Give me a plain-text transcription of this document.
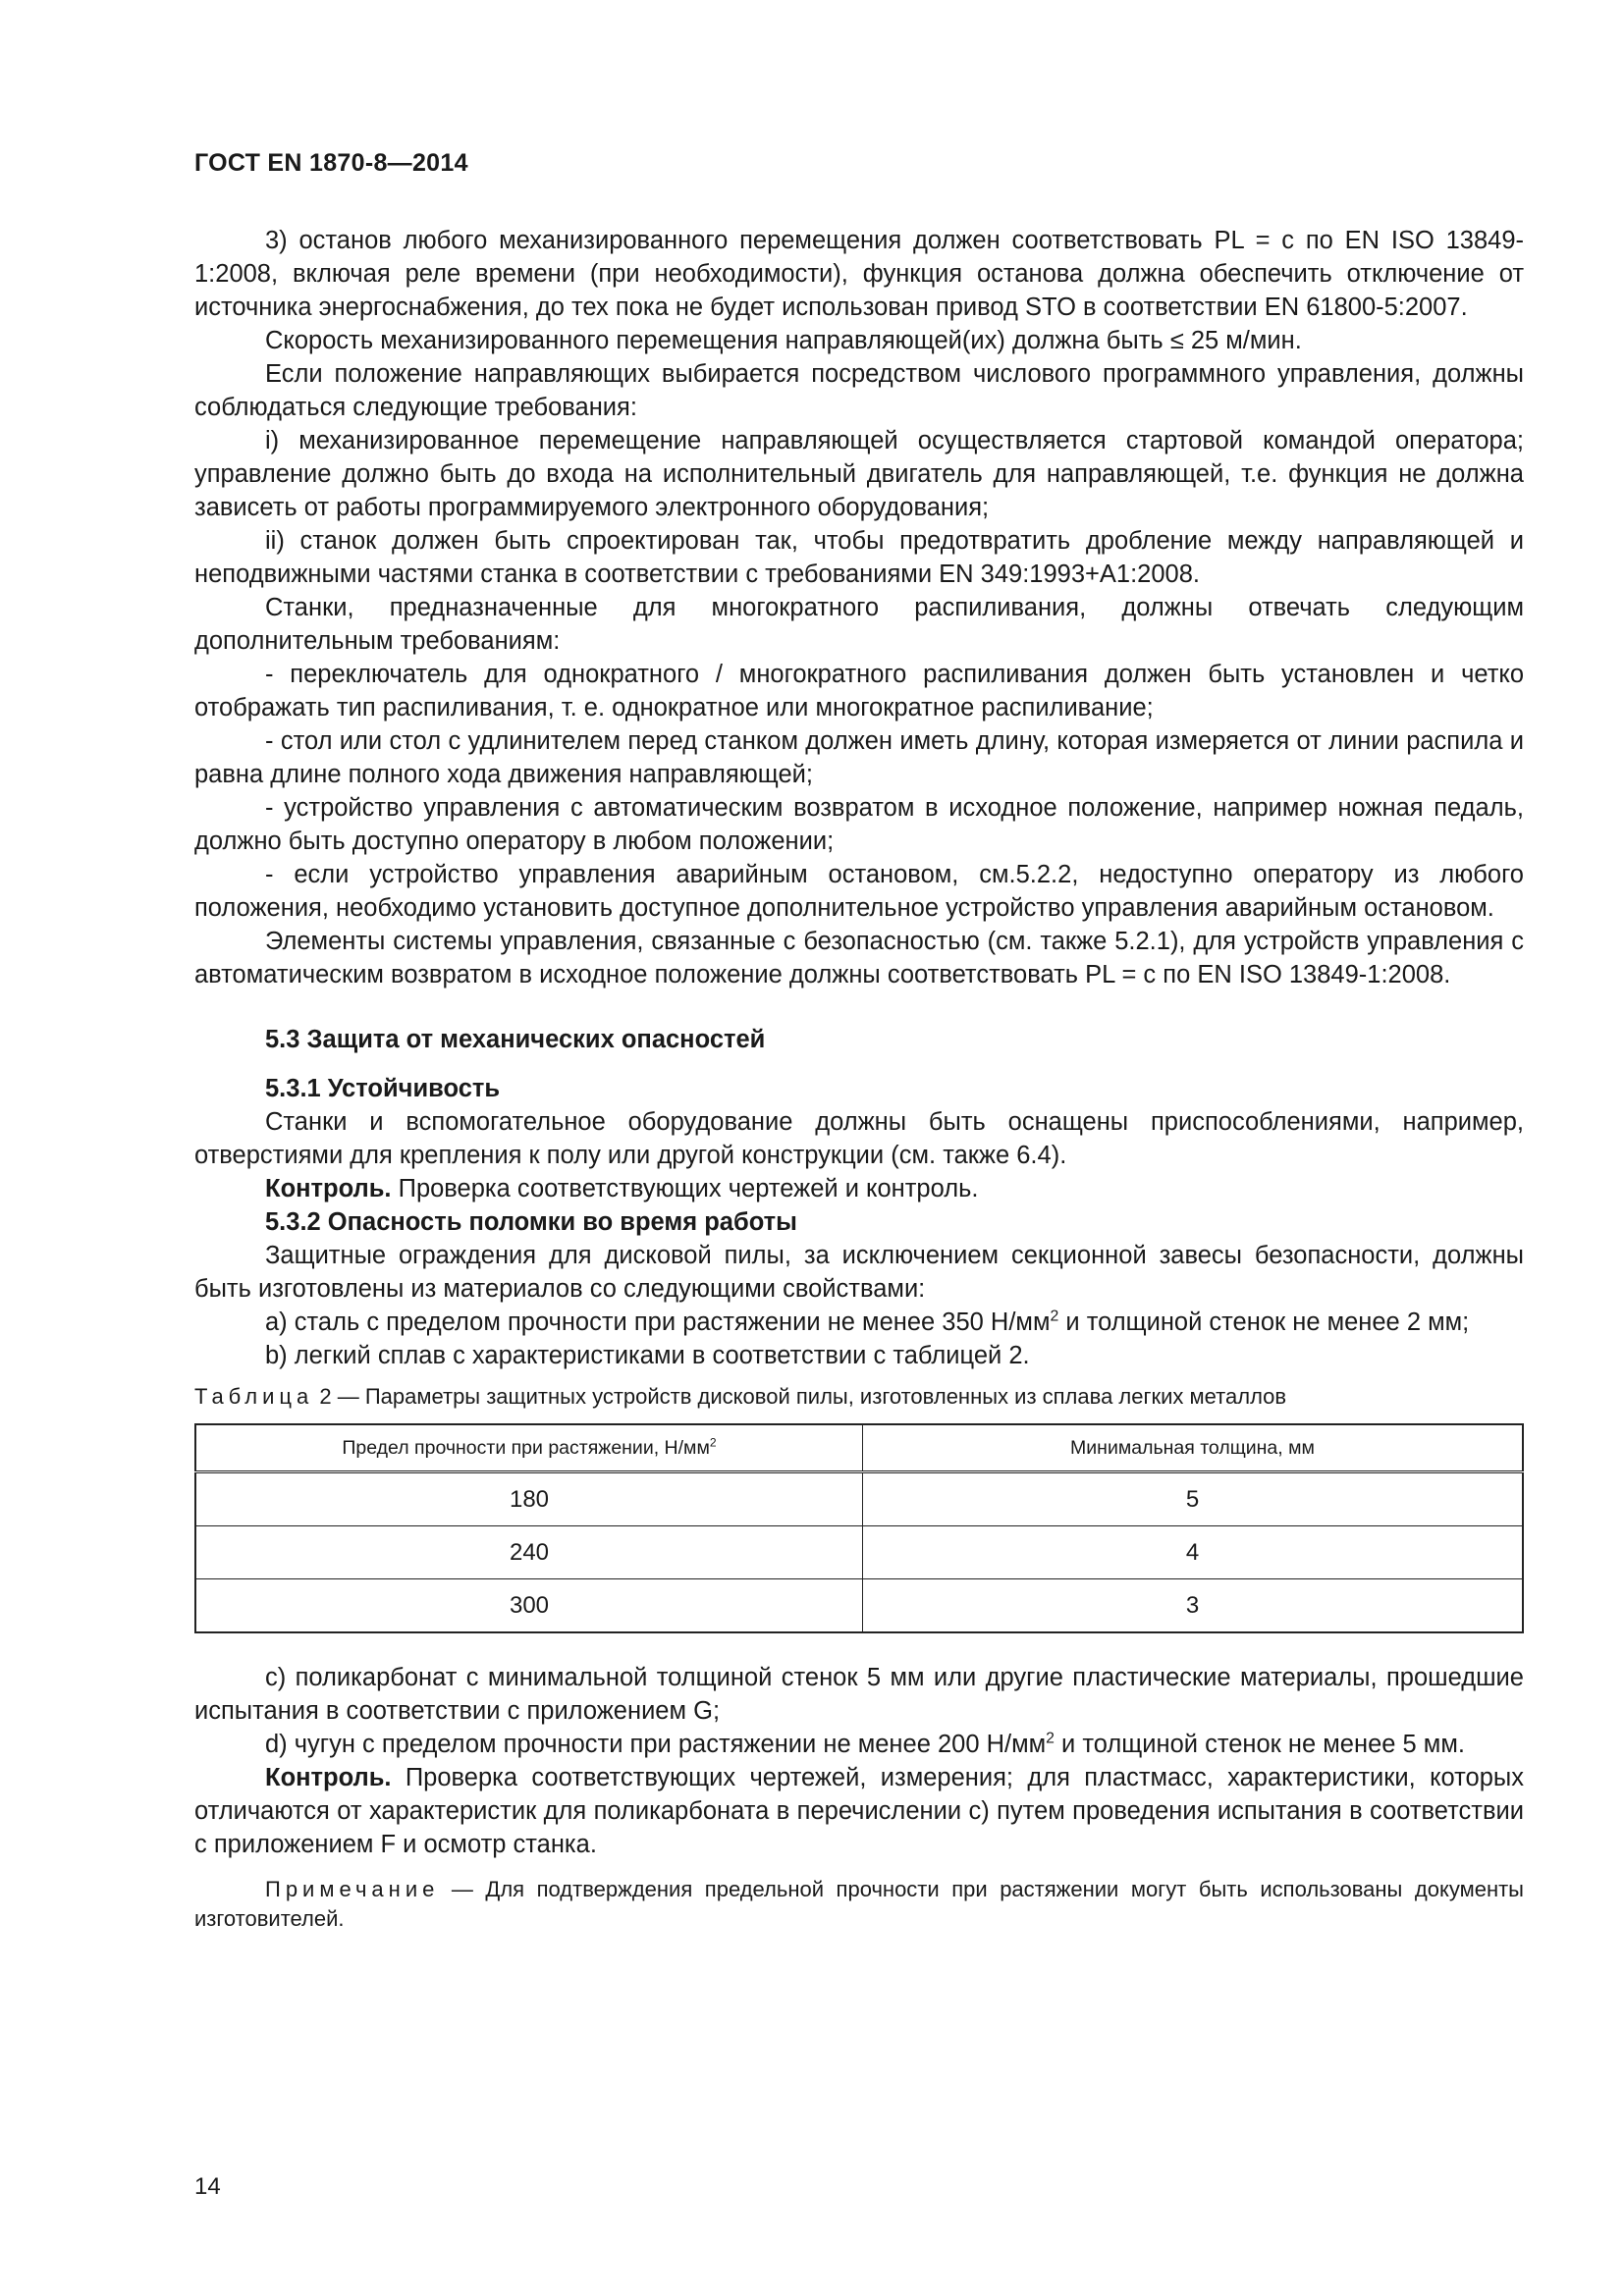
ГОСТ EN 1870-8—2014

3) останов любого механизированного перемещения должен соответствовать PL = c по EN ISO 13849-1:2008, включая реле времени (при необходимости), функция останова должна обеспечить отключение от источника энергоснабжения, до тех пока не будет использован привод STO в соответствии EN 61800-5:2007.

Скорость механизированного перемещения направляющей(их) должна быть ≤ 25 м/мин.

Если положение направляющих выбирается посредством числового программного управления, должны соблюдаться следующие требования:

i) механизированное перемещение направляющей осуществляется стартовой командой оператора; управление должно быть до входа на исполнительный двигатель для направляющей, т.е. функция не должна зависеть от работы программируемого электронного оборудования;

ii) станок должен быть спроектирован так, чтобы предотвратить дробление между направляющей и неподвижными частями станка в соответствии с требованиями EN 349:1993+A1:2008.

Станки, предназначенные для многократного распиливания, должны отвечать следующим дополнительным требованиям:

- переключатель для однократного / многократного распиливания должен быть установлен и четко отображать тип распиливания, т. е. однократное или многократное распиливание;

- стол или стол с удлинителем перед станком должен иметь длину, которая измеряется от линии распила и равна длине полного хода движения направляющей;

- устройство управления с автоматическим возвратом в исходное положение, например ножная педаль, должно быть доступно оператору в любом положении;

- если устройство управления аварийным остановом, см.5.2.2, недоступно оператору из любого положения, необходимо установить доступное дополнительное устройство управления аварийным остановом.

Элементы системы управления, связанные с безопасностью (см. также 5.2.1), для устройств управления с автоматическим возвратом в исходное положение должны соответствовать PL = c по EN ISO 13849-1:2008.

5.3 Защита от механических опасностей
5.3.1 Устойчивость

Станки и вспомогательное оборудование должны быть оснащены приспособлениями, например, отверстиями для крепления к полу или другой конструкции (см. также 6.4).

Контроль. Проверка соответствующих чертежей и контроль.

5.3.2 Опасность поломки во время работы

Защитные ограждения для дисковой пилы, за исключением секционной завесы безопасности, должны быть изготовлены из материалов со следующими свойствами:

a) сталь с пределом прочности при растяжении не менее 350 $Н/мм^2$ и толщиной стенок не менее 2 мм;

b) легкий сплав с характеристиками в соответствии с таблицей 2.

Таблица 2 — Параметры защитных устройств дисковой пилы, изготовленных из сплава легких металлов
Предел прочности при растяжении, $Н/мм^2$	Минимальная толщина, мм
180	5
240	4
300	3

c) поликарбонат с минимальной толщиной стенок 5 мм или другие пластические материалы, прошедшие испытания в соответствии с приложением G;

d) чугун с пределом прочности при растяжении не менее 200 $Н/мм^2$ и толщиной стенок не менее 5 мм.

Контроль. Проверка соответствующих чертежей, измерения; для пластмасс, характеристики, которых отличаются от характеристик для поликарбоната в перечислении c) путем проведения испытания в соответствии с приложением F и осмотр станка.

Примечание — Для подтверждения предельной прочности при растяжении могут быть использованы документы изготовителей.
14
